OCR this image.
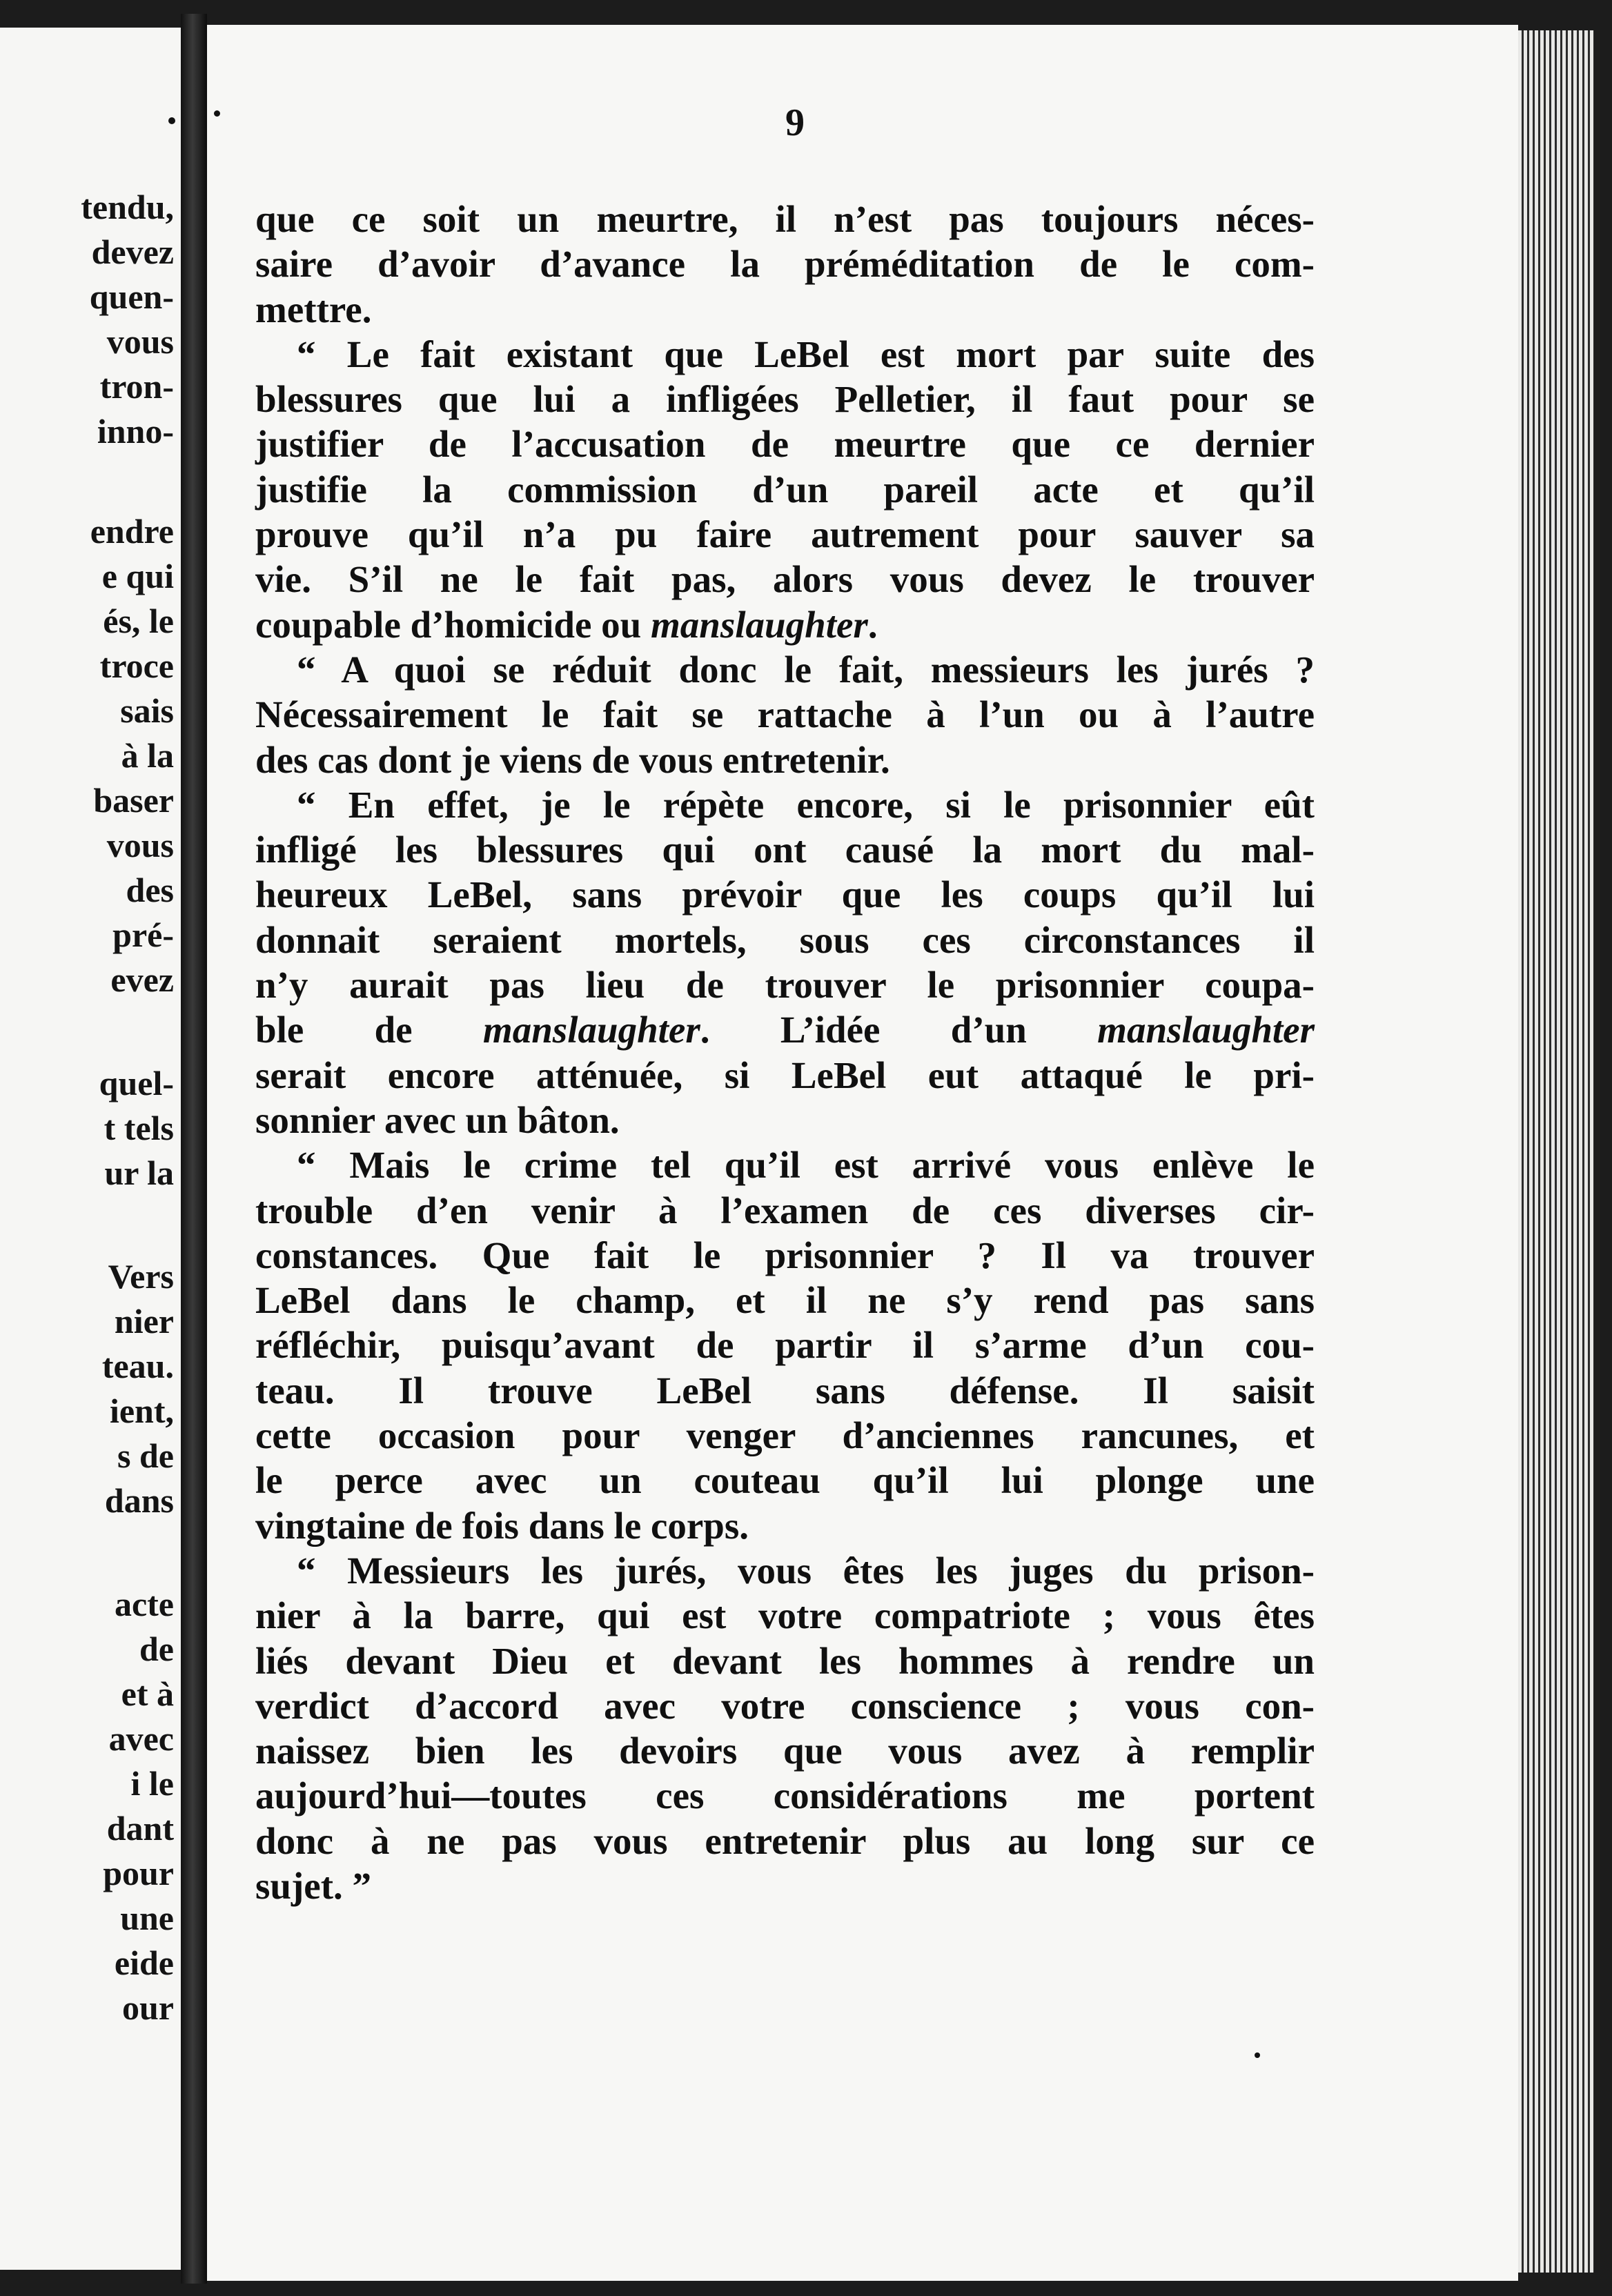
tendu,

devez

quen-

vous

tron-

inno-

endre

e qui

és, le

troce

sais

à la

baser

vous

des

pré-

evez

quel-

t tels

ur la

Vers

nier

teau.

ient,

s de

dans

acte

de

et à

avec

i le

dant

pour

une

eide

our

9

que ce soit un meurtre, il n’est pas toujours néces-
saire d’avoir d’avance la préméditation de le com-
mettre.
“ Le fait existant que LeBel est mort par suite des
blessures que lui a infligées Pelletier, il faut pour se
justifier de l’accusation de meurtre que ce dernier
justifie la commission d’un pareil acte et qu’il
prouve qu’il n’a pu faire autrement pour sauver sa
vie. S’il ne le fait pas, alors vous devez le trouver
coupable d’homicide ou manslaughter.
“ A quoi se réduit donc le fait, messieurs les jurés ?
Nécessairement le fait se rattache à l’un ou à l’autre
des cas dont je viens de vous entretenir.
“ En effet, je le répète encore, si le prisonnier eût
infligé les blessures qui ont causé la mort du mal-
heureux LeBel, sans prévoir que les coups qu’il lui
donnait seraient mortels, sous ces circonstances il
n’y aurait pas lieu de trouver le prisonnier coupa-
ble de manslaughter. L’idée d’un manslaughter
serait encore atténuée, si LeBel eut attaqué le pri-
sonnier avec un bâton.
“ Mais le crime tel qu’il est arrivé vous enlève le
trouble d’en venir à l’examen de ces diverses cir-
constances. Que fait le prisonnier ? Il va trouver
LeBel dans le champ, et il ne s’y rend pas sans
réfléchir, puisqu’avant de partir il s’arme d’un cou-
teau. Il trouve LeBel sans défense. Il saisit
cette occasion pour venger d’anciennes rancunes, et
le perce avec un couteau qu’il lui plonge une
vingtaine de fois dans le corps.
“ Messieurs les jurés, vous êtes les juges du prison-
nier à la barre, qui est votre compatriote ; vous êtes
liés devant Dieu et devant les hommes à rendre un
verdict d’accord avec votre conscience ; vous con-
naissez bien les devoirs que vous avez à remplir
aujourd’hui—toutes ces considérations me portent
donc à ne pas vous entretenir plus au long sur ce
sujet. ”
